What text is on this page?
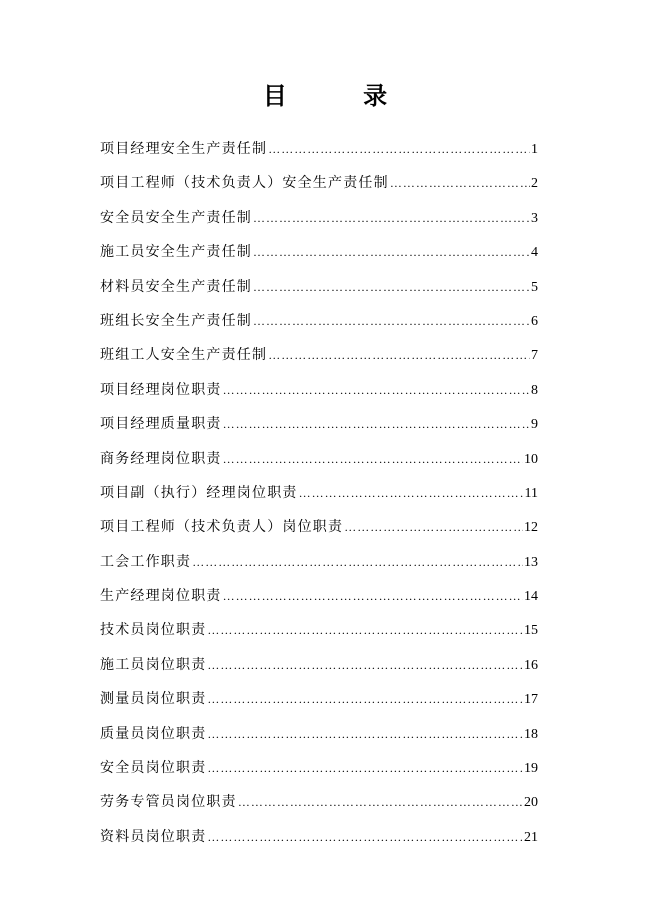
目 录
项目经理安全生产责任制 ………………………………………………………………………………………………………………………………………………………………………………………………………………	1
项目工程师（技术负责人）安全生产责任制 ………………………………………………………………………………………………………………………………………………………………………………………………………………	2
安全员安全生产责任制 ………………………………………………………………………………………………………………………………………………………………………………………………………………	3
施工员安全生产责任制 ………………………………………………………………………………………………………………………………………………………………………………………………………………	4
材料员安全生产责任制 ………………………………………………………………………………………………………………………………………………………………………………………………………………	5
班组长安全生产责任制 ………………………………………………………………………………………………………………………………………………………………………………………………………………	6
班组工人安全生产责任制 ………………………………………………………………………………………………………………………………………………………………………………………………………………	7
项目经理岗位职责 ………………………………………………………………………………………………………………………………………………………………………………………………………………	8
项目经理质量职责 ………………………………………………………………………………………………………………………………………………………………………………………………………………	9
商务经理岗位职责 ………………………………………………………………………………………………………………………………………………………………………………………………………………	10
项目副（执行）经理岗位职责 ………………………………………………………………………………………………………………………………………………………………………………………………………………	11
项目工程师（技术负责人）岗位职责 ………………………………………………………………………………………………………………………………………………………………………………………………………………	12
工会工作职责 ………………………………………………………………………………………………………………………………………………………………………………………………………………	13
生产经理岗位职责 ………………………………………………………………………………………………………………………………………………………………………………………………………………	14
技术员岗位职责 ………………………………………………………………………………………………………………………………………………………………………………………………………………	15
施工员岗位职责 ………………………………………………………………………………………………………………………………………………………………………………………………………………	16
测量员岗位职责 ………………………………………………………………………………………………………………………………………………………………………………………………………………	17
质量员岗位职责 ………………………………………………………………………………………………………………………………………………………………………………………………………………	18
安全员岗位职责 ………………………………………………………………………………………………………………………………………………………………………………………………………………	19
劳务专管员岗位职责 ………………………………………………………………………………………………………………………………………………………………………………………………………………	20
资料员岗位职责 ………………………………………………………………………………………………………………………………………………………………………………………………………………	21
